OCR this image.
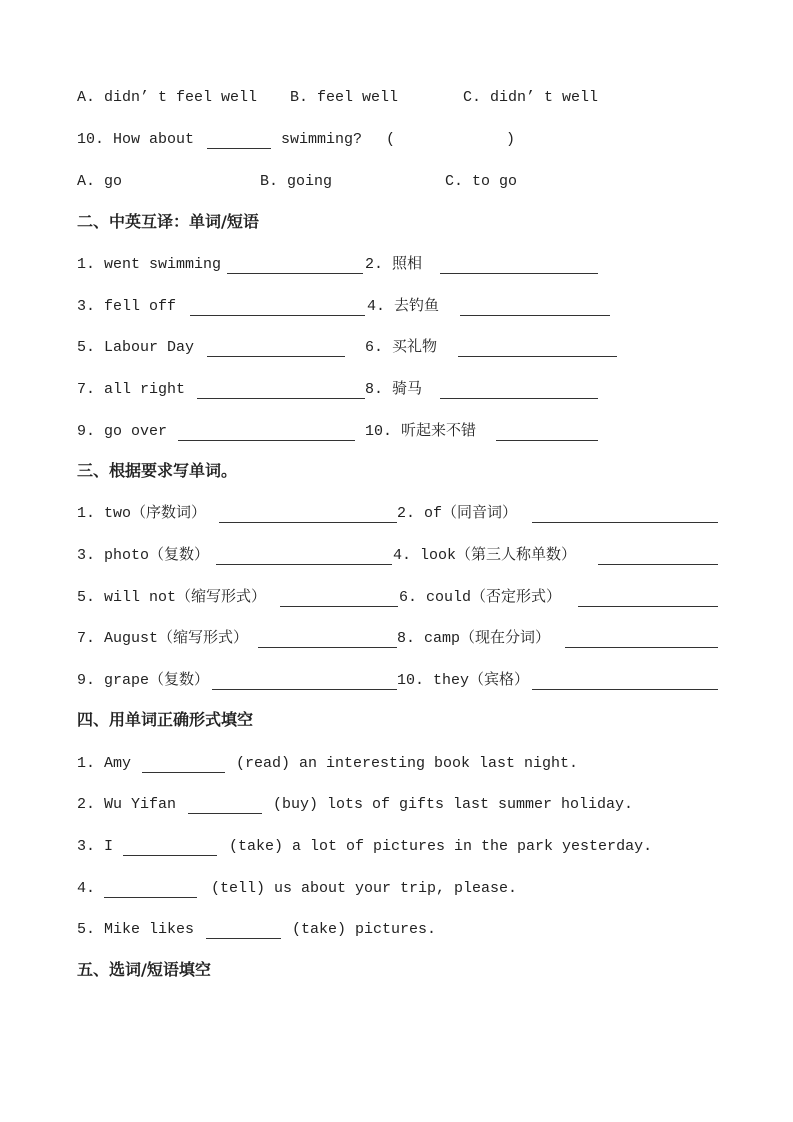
A. didn’ t feel well B. feel well	C. didn’ t well
10. How about	swimming? (	)
A. go	B. going	C. to go
二、中英互译：单词/短语
1. went swimming	2. 照相
3. fell off	4. 去钓鱼
5. Labour Day	6. 买礼物
7. all right	8. 骑马
9. go over	10. 听起来不错
三、根据要求写单词。
1. two（序数词）	2. of（同音词）
3. photo（复数）	4. look（第三人称单数）
5. will not（缩写形式）	6. could（否定形式）
7. August（缩写形式）	8. camp（现在分词）
9. grape（复数）	10. they（宾格）
四、用单词正确形式填空
1. Amy	(read) an interesting book last night.
2. Wu Yifan	(buy) lots of gifts last summer holiday.
3. I	(take) a lot of pictures in the park yesterday.
4.	(tell) us about your trip, please.
5. Mike likes	(take) pictures.
五、选词/短语填空
